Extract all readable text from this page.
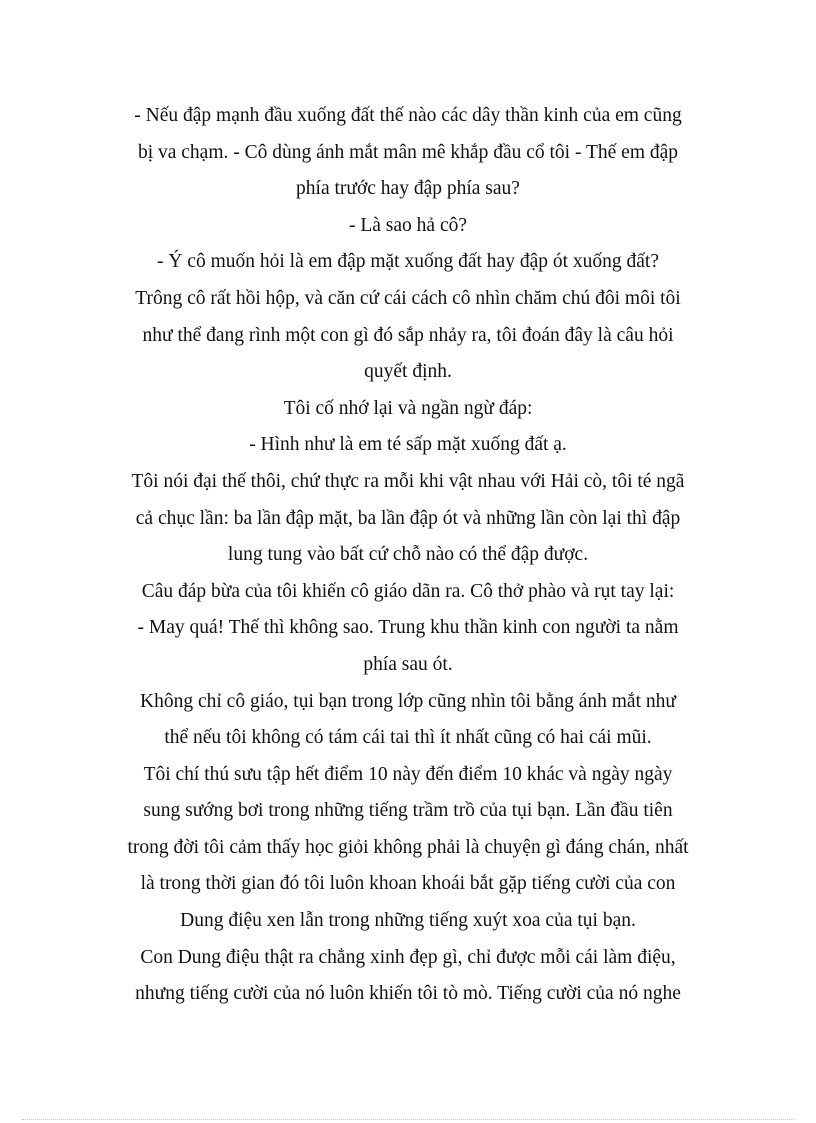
- Nếu đập mạnh đầu xuống đất thế nào các dây thần kinh của em cũng
bị va chạm. - Cô dùng ánh mắt mân mê khắp đầu cổ tôi - Thế em đập
phía trước hay đập phía sau?
- Là sao hả cô?
- Ý cô muốn hỏi là em đập mặt xuống đất hay đập ót xuống đất?
Trông cô rất hồi hộp, và căn cứ cái cách cô nhìn chăm chú đôi môi tôi
như thể đang rình một con gì đó sắp nhảy ra, tôi đoán đây là câu hỏi
quyết định.
Tôi cố nhớ lại và ngần ngừ đáp:
- Hình như là em té sấp mặt xuống đất ạ.
Tôi nói đại thế thôi, chứ thực ra mỗi khi vật nhau với Hải cò, tôi té ngã
cả chục lần: ba lần đập mặt, ba lần đập ót và những lần còn lại thì đập
lung tung vào bất cứ chỗ nào có thể đập được.
Câu đáp bừa của tôi khiến cô giáo dãn ra. Cô thở phào và rụt tay lại:
- May quá! Thế thì không sao. Trung khu thần kinh con người ta nằm
phía sau ót.
Không chỉ cô giáo, tụi bạn trong lớp cũng nhìn tôi bằng ánh mắt như
thể nếu tôi không có tám cái tai thì ít nhất cũng có hai cái mũi.
Tôi chí thú sưu tập hết điểm 10 này đến điểm 10 khác và ngày ngày
sung sướng bơi trong những tiếng trầm trồ của tụi bạn. Lần đầu tiên
trong đời tôi cảm thấy học giỏi không phải là chuyện gì đáng chán, nhất
là trong thời gian đó tôi luôn khoan khoái bắt gặp tiếng cười của con
Dung điệu xen lẫn trong những tiếng xuýt xoa của tụi bạn.
Con Dung điệu thật ra chẳng xinh đẹp gì, chỉ được mỗi cái làm điệu,
nhưng tiếng cười của nó luôn khiến tôi tò mò. Tiếng cười của nó nghe
